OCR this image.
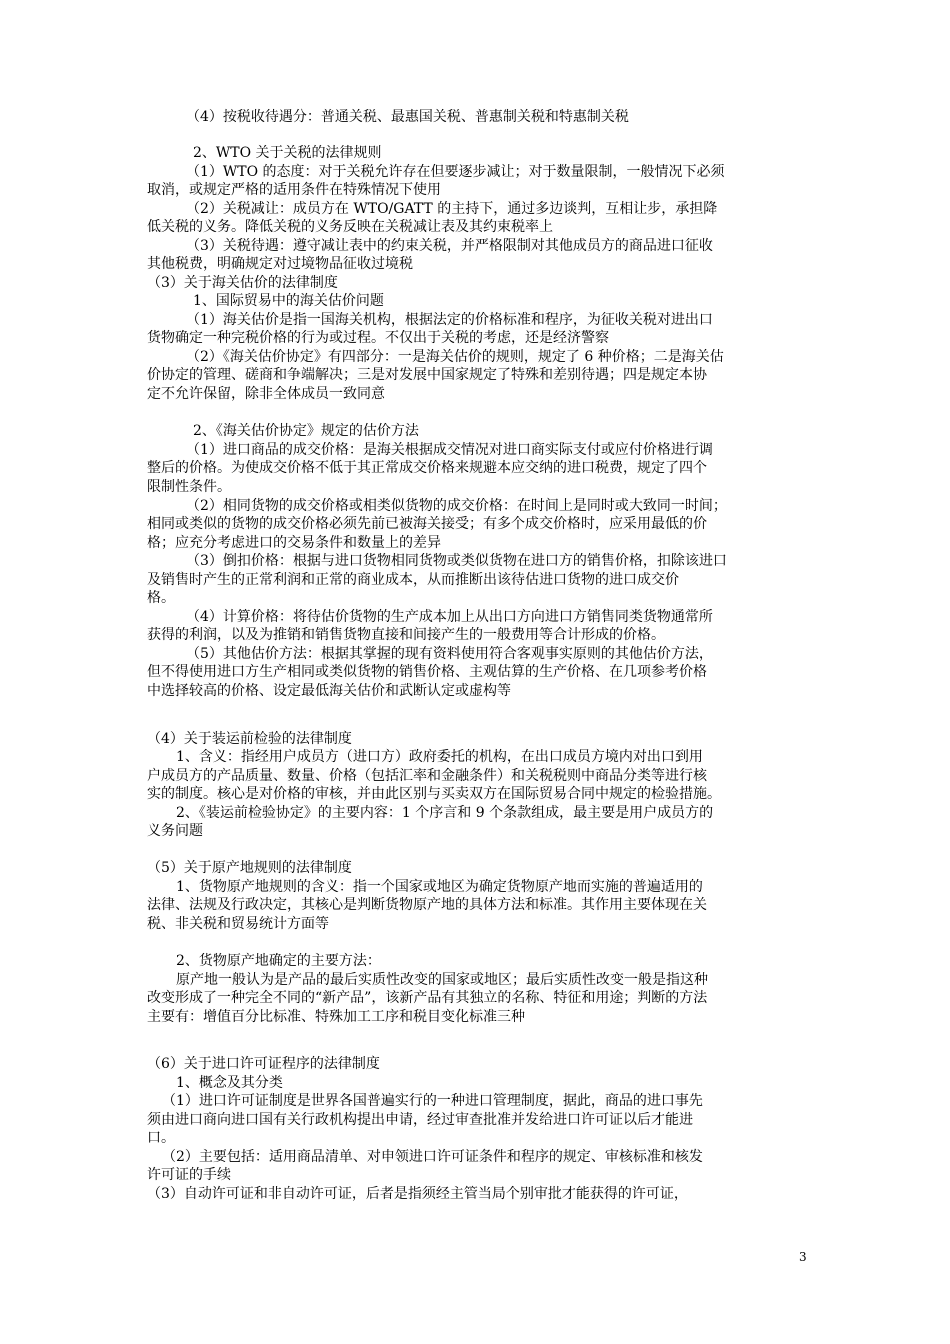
（4）按税收待遇分：普通关税、最惠国关税、普惠制关税和特惠制关税
2、WTO 关于关税的法律规则
（1）WTO 的态度：对于关税允许存在但要逐步减让；对于数量限制，一般情况下必须
取消，或规定严格的适用条件在特殊情况下使用
（2）关税减让：成员方在 WTO/GATT 的主持下，通过多边谈判，互相让步，承担降
低关税的义务。降低关税的义务反映在关税减让表及其约束税率上
（3）关税待遇：遵守减让表中的约束关税，并严格限制对其他成员方的商品进口征收
其他税费，明确规定对过境物品征收过境税
（3）关于海关估价的法律制度
1、国际贸易中的海关估价问题
（1）海关估价是指一国海关机构，根据法定的价格标准和程序，为征收关税对进出口
货物确定一种完税价格的行为或过程。不仅出于关税的考虑，还是经济警察
（2）《海关估价协定》有四部分：一是海关估价的规则，规定了 6 种价格；二是海关估
价协定的管理、磋商和争端解决；三是对发展中国家规定了特殊和差别待遇；四是规定本协
定不允许保留，除非全体成员一致同意
2、《海关估价协定》规定的估价方法
（1）进口商品的成交价格：是海关根据成交情况对进口商实际支付或应付价格进行调
整后的价格。为使成交价格不低于其正常成交价格来规避本应交纳的进口税费，规定了四个
限制性条件。
（2）相同货物的成交价格或相类似货物的成交价格：在时间上是同时或大致同一时间；
相同或类似的货物的成交价格必须先前已被海关接受；有多个成交价格时，应采用最低的价
格；应充分考虑进口的交易条件和数量上的差异
（3）倒扣价格：根据与进口货物相同货物或类似货物在进口方的销售价格，扣除该进口
及销售时产生的正常利润和正常的商业成本，从而推断出该待估进口货物的进口成交价
格。
（4）计算价格：将待估价货物的生产成本加上从出口方向进口方销售同类货物通常所
获得的利润，以及为推销和销售货物直接和间接产生的一般费用等合计形成的价格。
（5）其他估价方法：根据其掌握的现有资料使用符合客观事实原则的其他估价方法，
但不得使用进口方生产相同或类似货物的销售价格、主观估算的生产价格、在几项参考价格
中选择较高的价格、设定最低海关估价和武断认定或虚构等
（4）关于装运前检验的法律制度
1、含义：指经用户成员方（进口方）政府委托的机构，在出口成员方境内对出口到用
户成员方的产品质量、数量、价格（包括汇率和金融条件）和关税税则中商品分类等进行核
实的制度。核心是对价格的审核，并由此区别与买卖双方在国际贸易合同中规定的检验措施。
2、《装运前检验协定》的主要内容：1 个序言和 9 个条款组成，最主要是用户成员方的
义务问题
（5）关于原产地规则的法律制度
1、货物原产地规则的含义：指一个国家或地区为确定货物原产地而实施的普遍适用的
法律、法规及行政决定，其核心是判断货物原产地的具体方法和标准。其作用主要体现在关
税、非关税和贸易统计方面等
2、货物原产地确定的主要方法：
原产地一般认为是产品的最后实质性改变的国家或地区；最后实质性改变一般是指这种
改变形成了一种完全不同的“新产品”，该新产品有其独立的名称、特征和用途；判断的方法
主要有：增值百分比标准、特殊加工工序和税目变化标准三种
（6）关于进口许可证程序的法律制度
1、概念及其分类
（1）进口许可证制度是世界各国普遍实行的一种进口管理制度，据此，商品的进口事先
须由进口商向进口国有关行政机构提出申请，经过审查批准并发给进口许可证以后才能进
口。
（2）主要包括：适用商品清单、对申领进口许可证条件和程序的规定、审核标准和核发
许可证的手续
（3）自动许可证和非自动许可证，后者是指须经主管当局个别审批才能获得的许可证，
3
